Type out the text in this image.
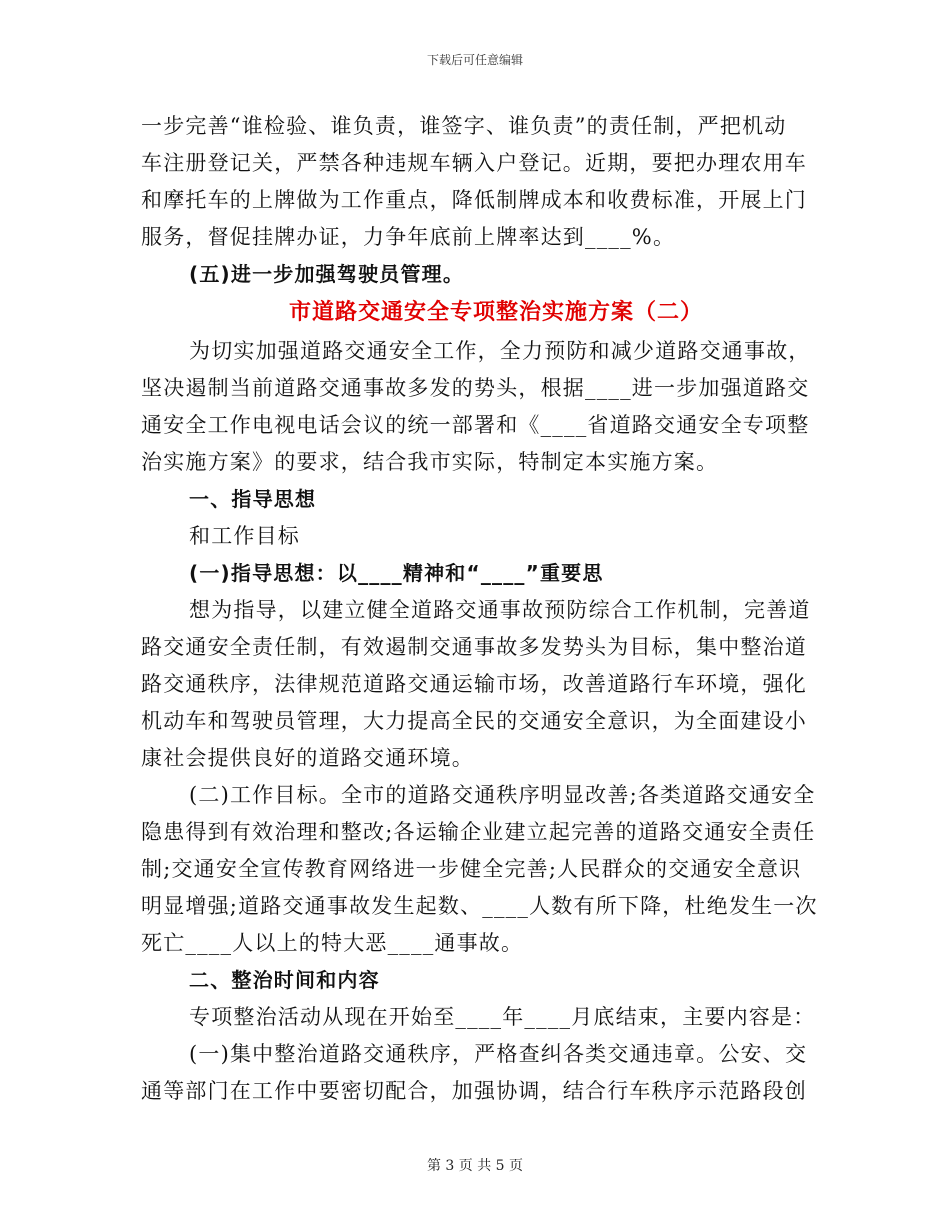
下载后可任意编辑

一步完善“谁检验、谁负责，谁签字、谁负责”的责任制，严把机动

车注册登记关，严禁各种违规车辆入户登记。近期，要把办理农用车

和摩托车的上牌做为工作重点，降低制牌成本和收费标准，开展上门

服务，督促挂牌办证，力争年底前上牌率达到____%。

(五)进一步加强驾驶员管理。

市道路交通安全专项整治实施方案（二）

为切实加强道路交通安全工作，全力预防和减少道路交通事故，

坚决遏制当前道路交通事故多发的势头，根据____进一步加强道路交

通安全工作电视电话会议的统一部署和《____省道路交通安全专项整

治实施方案》的要求，结合我市实际，特制定本实施方案。

一、指导思想

和工作目标

(一)指导思想：以____精神和“____”重要思

想为指导，以建立健全道路交通事故预防综合工作机制，完善道

路交通安全责任制，有效遏制交通事故多发势头为目标，集中整治道

路交通秩序，法律规范道路交通运输市场，改善道路行车环境，强化

机动车和驾驶员管理，大力提高全民的交通安全意识，为全面建设小

康社会提供良好的道路交通环境。

(二)工作目标。全市的道路交通秩序明显改善;各类道路交通安全

隐患得到有效治理和整改;各运输企业建立起完善的道路交通安全责任

制;交通安全宣传教育网络进一步健全完善;人民群众的交通安全意识

明显增强;道路交通事故发生起数、____人数有所下降，杜绝发生一次

死亡____人以上的特大恶____通事故。

二、整治时间和内容

专项整治活动从现在开始至____年____月底结束，主要内容是：

(一)集中整治道路交通秩序，严格查纠各类交通违章。公安、交

通等部门在工作中要密切配合，加强协调，结合行车秩序示范路段创

第 3 页 共 5 页
